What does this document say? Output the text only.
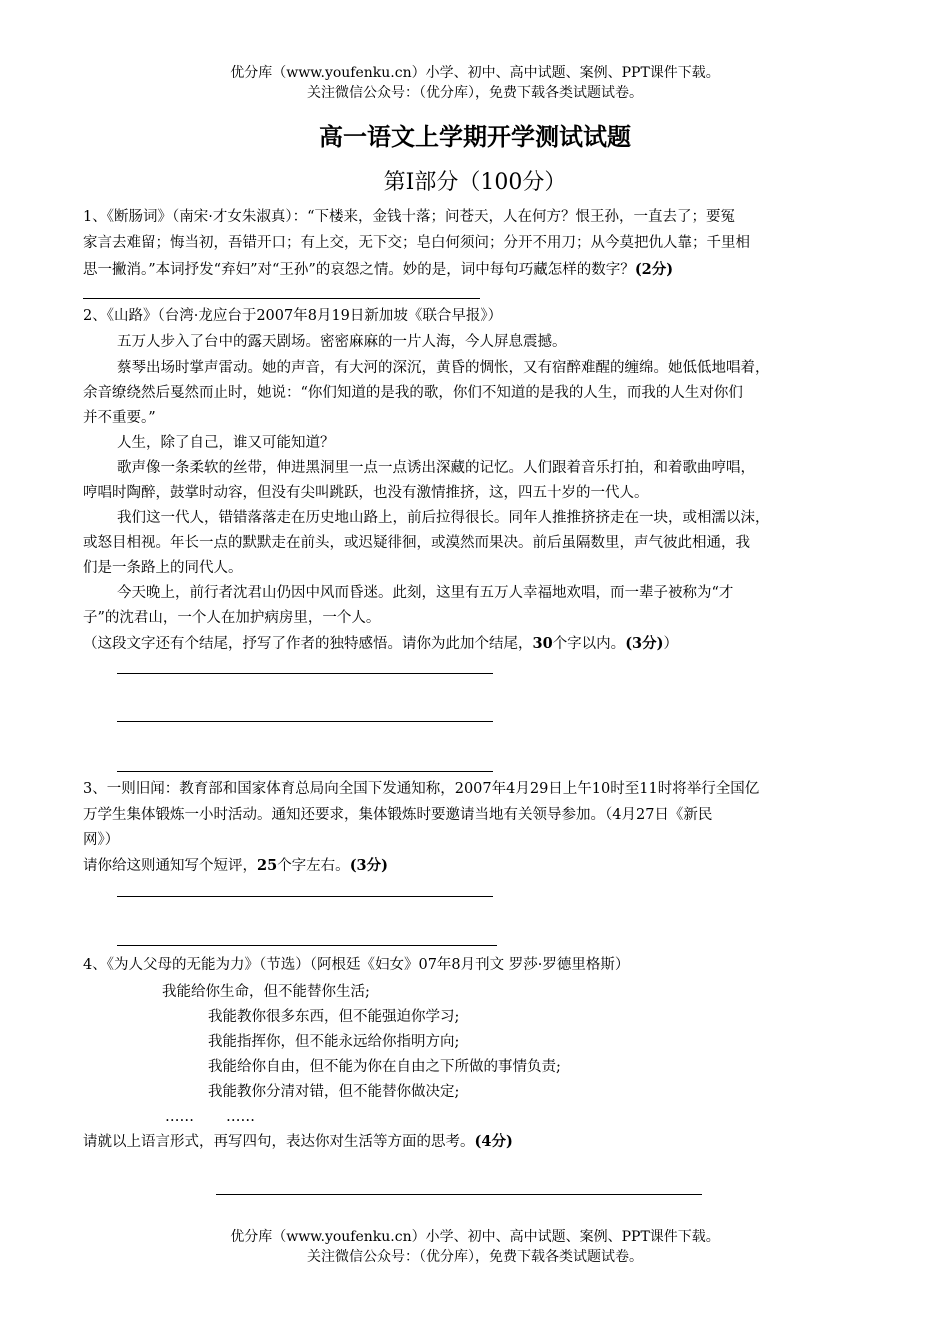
优分库（www.youfenku.cn）小学、初中、高中试题、案例、PPT课件下载。
关注微信公众号：（优分库），免费下载各类试题试卷。
高一语文上学期开学测试试题
第Ⅰ部分（100分）
1、《断肠词》（南宋·才女朱淑真）：“下楼来，金钱十落；问苍天，人在何方？恨王孙，一直去了；要冤
家言去难留；悔当初，吾错开口；有上交，无下交；皂白何须问；分开不用刀；从今莫把仇人靠；千里相
思一撇消。”本词抒发“弃妇”对“王孙”的哀怨之情。妙的是，词中每句巧藏怎样的数字？(2分)
2、《山路》（台湾·龙应台于2007年8月19日新加坡《联合早报》）
五万人步入了台中的露天剧场。密密麻麻的一片人海，今人屏息震撼。
蔡琴出场时掌声雷动。她的声音，有大河的深沉，黄昏的惆怅，又有宿醉难醒的缠绵。她低低地唱着，
余音缭绕然后戛然而止时，她说：“你们知道的是我的歌，你们不知道的是我的人生，而我的人生对你们
并不重要。”
人生，除了自己，谁又可能知道？
歌声像一条柔软的丝带，伸进黑洞里一点一点诱出深藏的记忆。人们跟着音乐打拍，和着歌曲哼唱，
哼唱时陶醉，鼓掌时动容，但没有尖叫跳跃，也没有激情推挤，这，四五十岁的一代人。
我们这一代人，错错落落走在历史地山路上，前后拉得很长。同年人推推挤挤走在一块，或相濡以沫，
或怒目相视。年长一点的默默走在前头，或迟疑徘徊，或漠然而果决。前后虽隔数里，声气彼此相通，我
们是一条路上的同代人。
今天晚上，前行者沈君山仍因中风而昏迷。此刻，这里有五万人幸福地欢唱，而一辈子被称为“才
子”的沈君山，一个人在加护病房里，一个人。
（这段文字还有个结尾，抒写了作者的独特感悟。请你为此加个结尾，30个字以内。(3分)）
3、一则旧闻：教育部和国家体育总局向全国下发通知称，2007年4月29日上午10时至11时将举行全国亿
万学生集体锻炼一小时活动。通知还要求，集体锻炼时要邀请当地有关领导参加。（4月27日《新民
网》）
请你给这则通知写个短评，25个字左右。(3分)
4、《为人父母的无能为力》（节选）（阿根廷《妇女》07年8月刊文 罗莎·罗德里格斯）
我能给你生命，但不能替你生活;
我能教你很多东西，但不能强迫你学习;
我能指挥你，但不能永远给你指明方向;
我能给你自由，但不能为你在自由之下所做的事情负责;
我能教你分清对错，但不能替你做决定;
…… ……
请就以上语言形式，再写四句，表达你对生活等方面的思考。(4分)
优分库（www.youfenku.cn）小学、初中、高中试题、案例、PPT课件下载。
关注微信公众号：（优分库），免费下载各类试题试卷。
